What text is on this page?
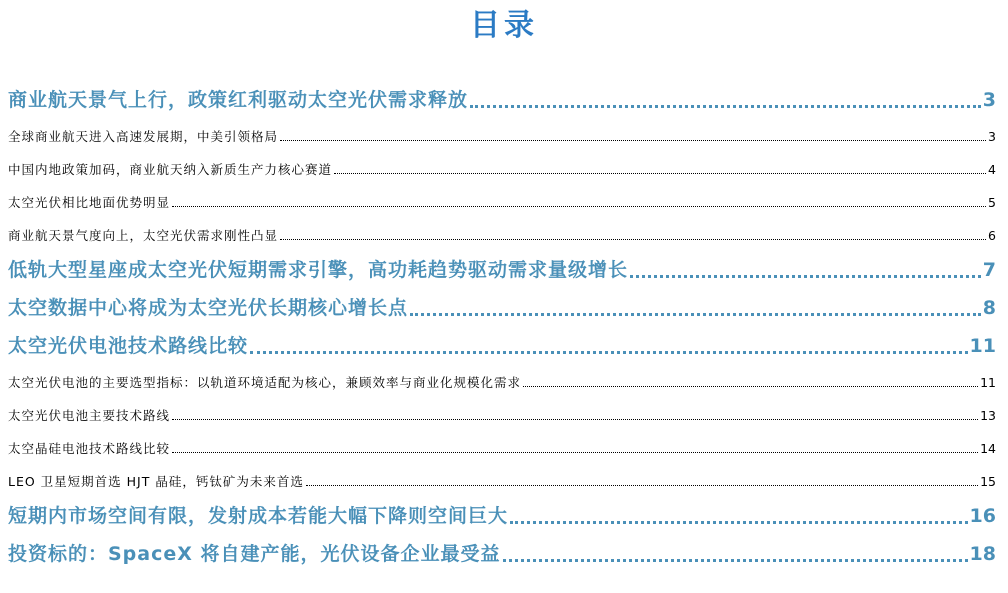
目录
商业航天景气上行，政策红利驱动太空光伏需求释放	3
全球商业航天进入高速发展期，中美引领格局	3
中国内地政策加码，商业航天纳入新质生产力核心赛道	4
太空光伏相比地面优势明显	5
商业航天景气度向上，太空光伏需求刚性凸显	6
低轨大型星座成太空光伏短期需求引擎，高功耗趋势驱动需求量级增长	7
太空数据中心将成为太空光伏长期核心增长点	8
太空光伏电池技术路线比较	11
太空光伏电池的主要选型指标：以轨道环境适配为核心，兼顾效率与商业化规模化需求	11
太空光伏电池主要技术路线	13
太空晶硅电池技术路线比较	14
LEO 卫星短期首选 HJT 晶硅，钙钛矿为未来首选	15
短期内市场空间有限，发射成本若能大幅下降则空间巨大	16
投资标的：SpaceX 将自建产能，光伏设备企业最受益	18
